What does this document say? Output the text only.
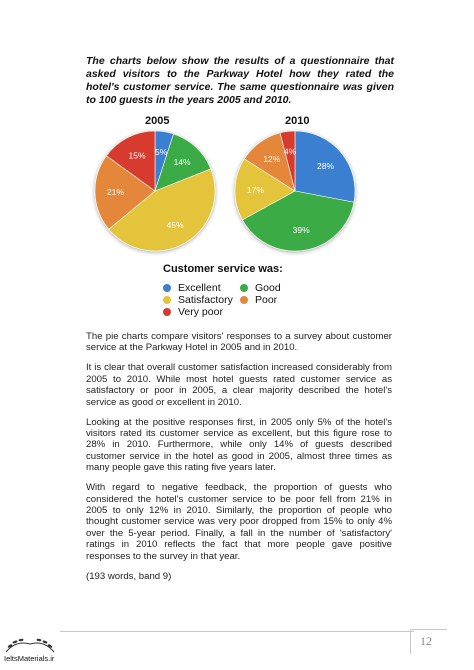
The charts below show the results of a questionnaire that asked visitors to the Parkway Hotel how they rated the hotel's customer service. The same questionnaire was given to 100 guests in the years 2005 and 2010.
2005	2010
5%
14%
45%
21%
15%
28%
39%
17%
12%
4%
Customer service was:
Excellent	Good
Satisfactory Poor
Very poor

The pie charts compare visitors' responses to a survey about customer service at the Parkway Hotel in 2005 and in 2010.

It is clear that overall customer satisfaction increased considerably from 2005 to 2010. While most hotel guests rated customer service as satisfactory or poor in 2005, a clear majority described the hotel's service as good or excellent in 2010.

Looking at the positive responses first, in 2005 only 5% of the hotel's visitors rated its customer service as excellent, but this figure rose to 28% in 2010. Furthermore, while only 14% of guests described customer service in the hotel as good in 2005, almost three times as many people gave this rating five years later.

With regard to negative feedback, the proportion of guests who considered the hotel's customer service to be poor fell from 21% in 2005 to only 12% in 2010. Similarly, the proportion of people who thought customer service was very poor dropped from 15% to only 4% over the 5-year period. Finally, a fall in the number of 'satisfactory' ratings in 2010 reflects the fact that more people gave positive responses to the survey in that year.

(193 words, band 9)

IeltsMaterials.ir
12
